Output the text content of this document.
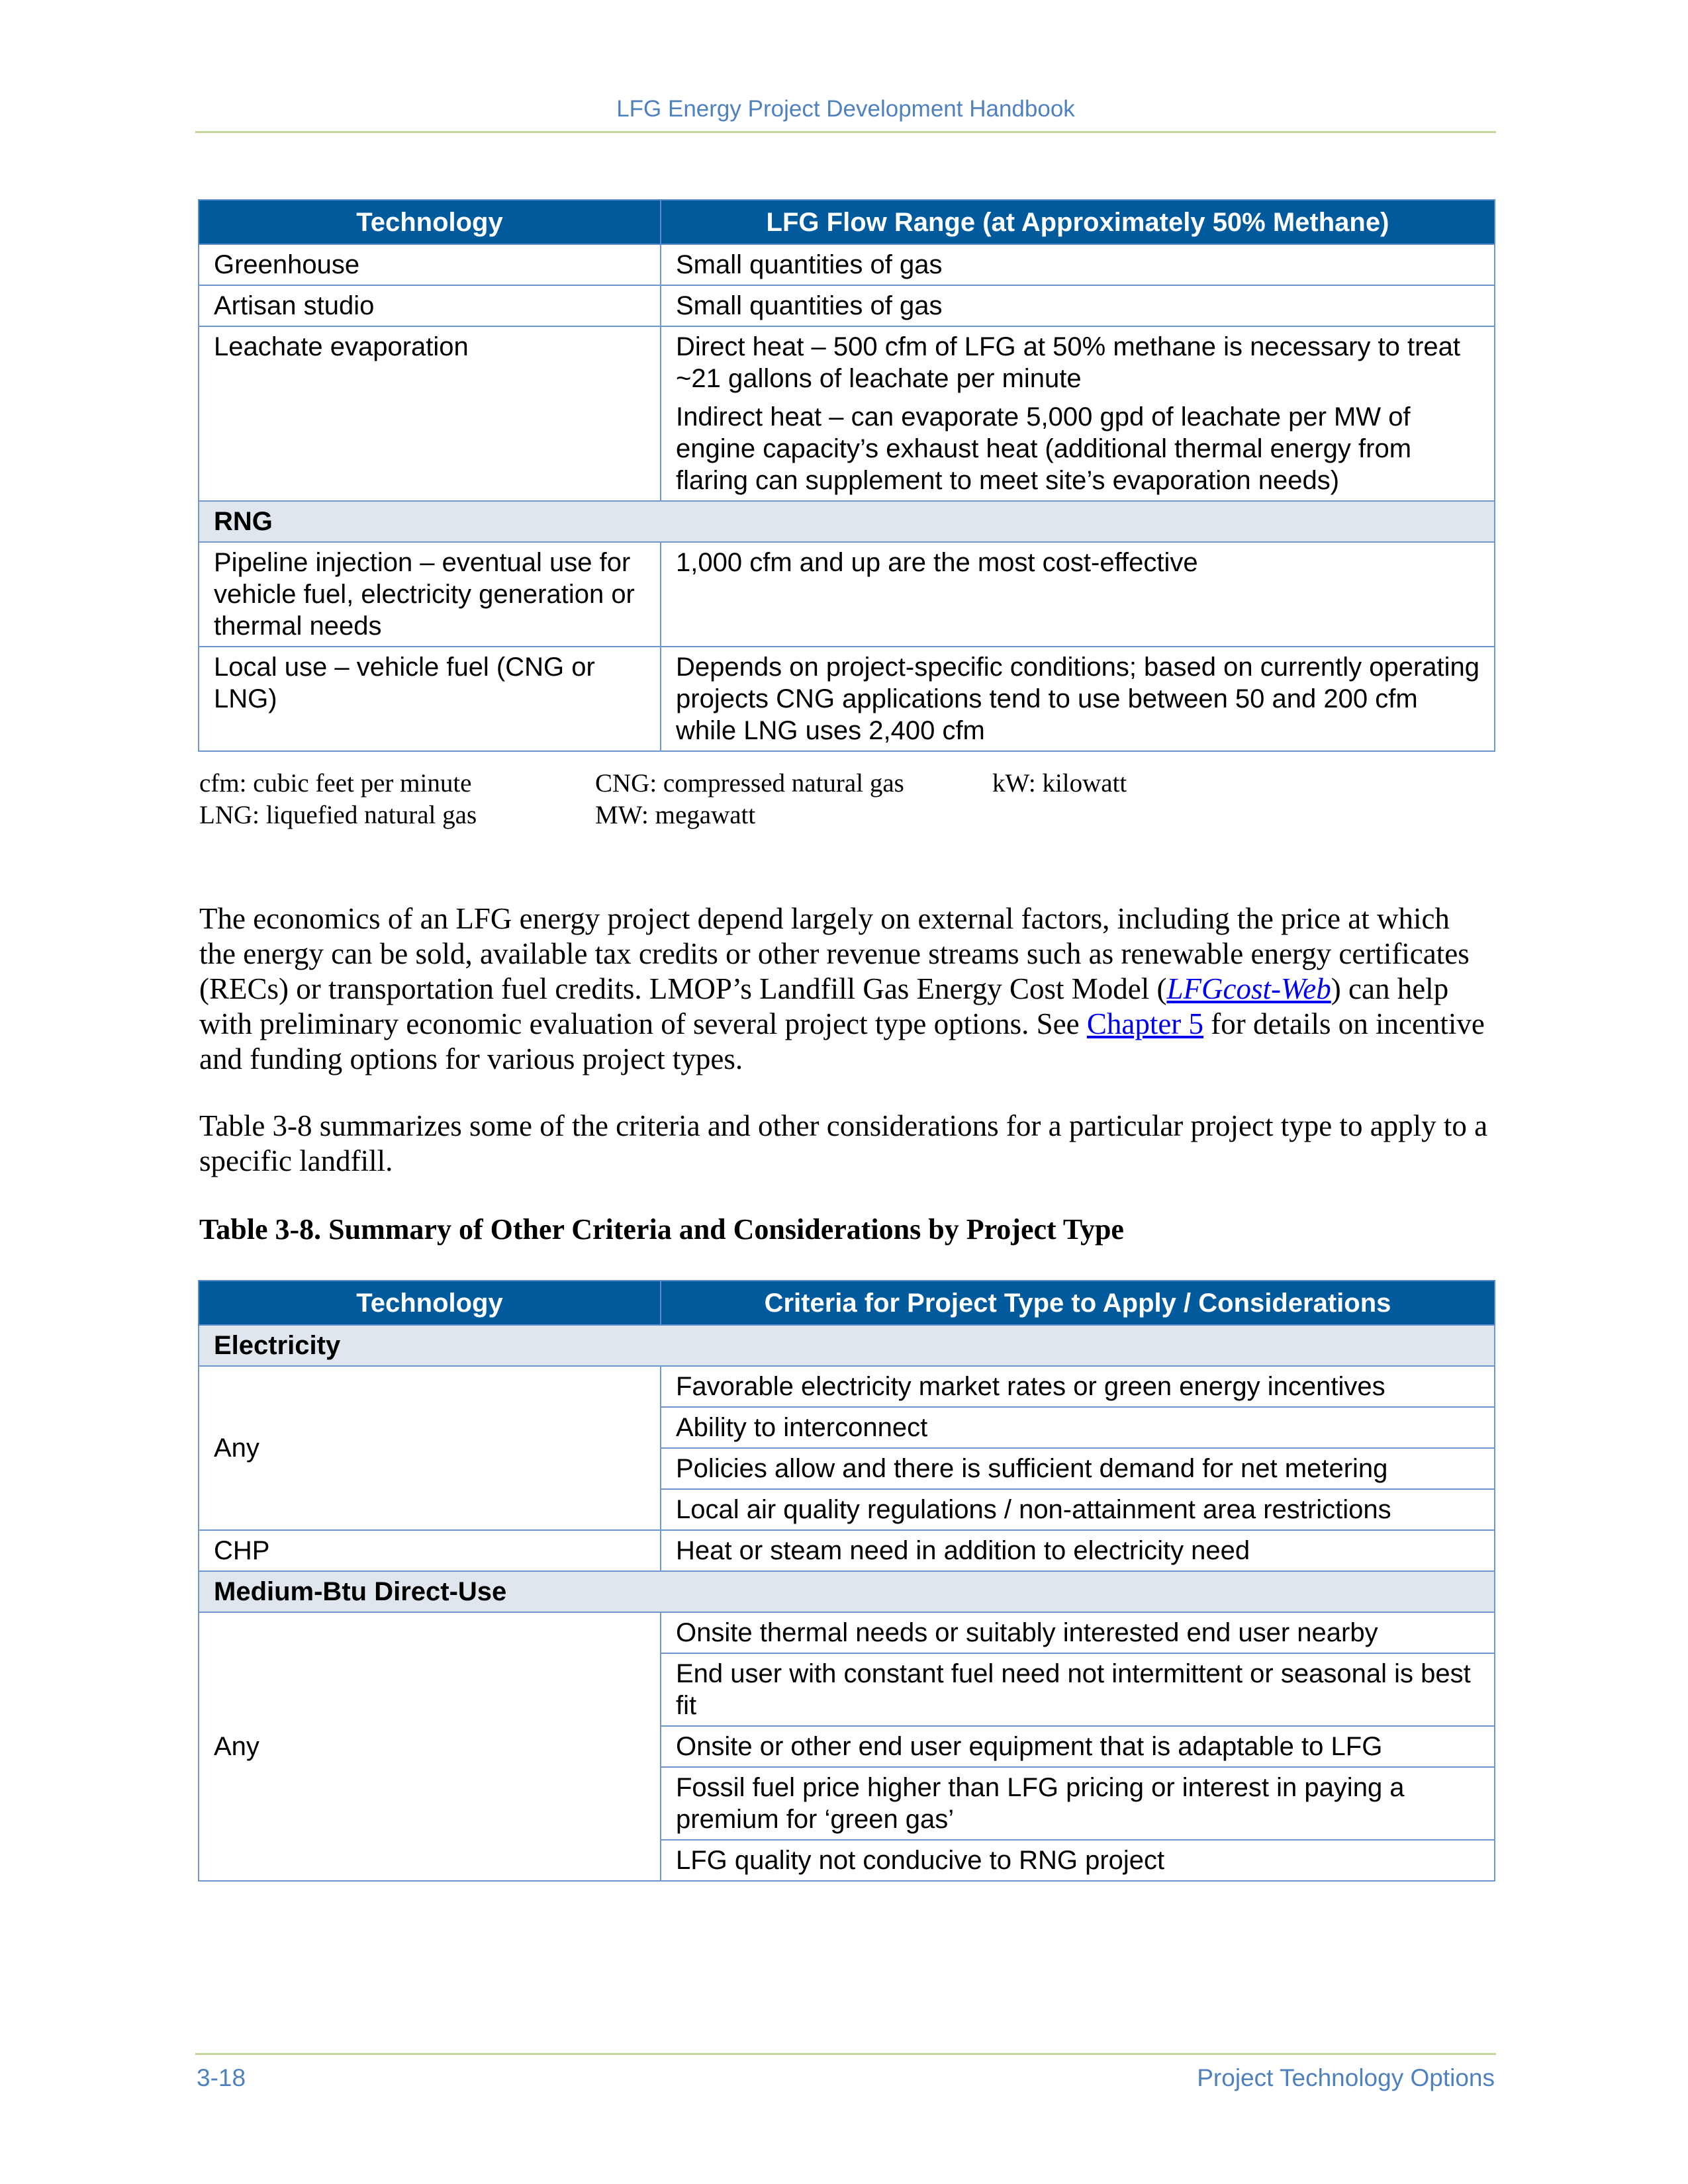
LFG Energy Project Development Handbook
Technology	LFG Flow Range (at Approximately 50% Methane)
Greenhouse	Small quantities of gas
Artisan studio	Small quantities of gas
Leachate evaporation	Direct heat – 500 cfm of LFG at 50% methane is necessary to treat ~21 gallons of leachate per minute
Indirect heat – can evaporate 5,000 gpd of leachate per MW of engine capacity’s exhaust heat (additional thermal energy from flaring can supplement to meet site’s evaporation needs)

RNG	
Pipeline injection – eventual use for vehicle fuel, electricity generation or thermal needs	1,000 cfm and up are the most cost-effective
Local use – vehicle fuel (CNG or LNG)	Depends on project-specific conditions; based on currently operating projects CNG applications tend to use between 50 and 200 cfm while LNG uses 2,400 cfm
cfm: cubic feet per minute	CNG: compressed natural gas	kW: kilowatt
LNG: liquefied natural gas	MW: megawatt

The economics of an LFG energy project depend largely on external factors, including the price at which the energy can be sold, available tax credits or other revenue streams such as renewable energy certificates (RECs) or transportation fuel credits. LMOP’s Landfill Gas Energy Cost Model (LFGcost-Web) can help with preliminary economic evaluation of several project type options. See Chapter 5 for details on incentive and funding options for various project types.

Table 3-8 summarizes some of the criteria and other considerations for a particular project type to apply to a specific landfill.

Table 3-8. Summary of Other Criteria and Considerations by Project Type
Technology	Criteria for Project Type to Apply / Considerations
Electricity	
Any	Favorable electricity market rates or green energy incentives
	Ability to interconnect
	Policies allow and there is sufficient demand for net metering
	Local air quality regulations / non-attainment area restrictions
CHP	Heat or steam need in addition to electricity need
Medium-Btu Direct-Use	
Any	Onsite thermal needs or suitably interested end user nearby
	End user with constant fuel need not intermittent or seasonal is best fit
	Onsite or other end user equipment that is adaptable to LFG
	Fossil fuel price higher than LFG pricing or interest in paying a premium for ‘green gas’
	LFG quality not conducive to RNG project
3-18	Project Technology Options
